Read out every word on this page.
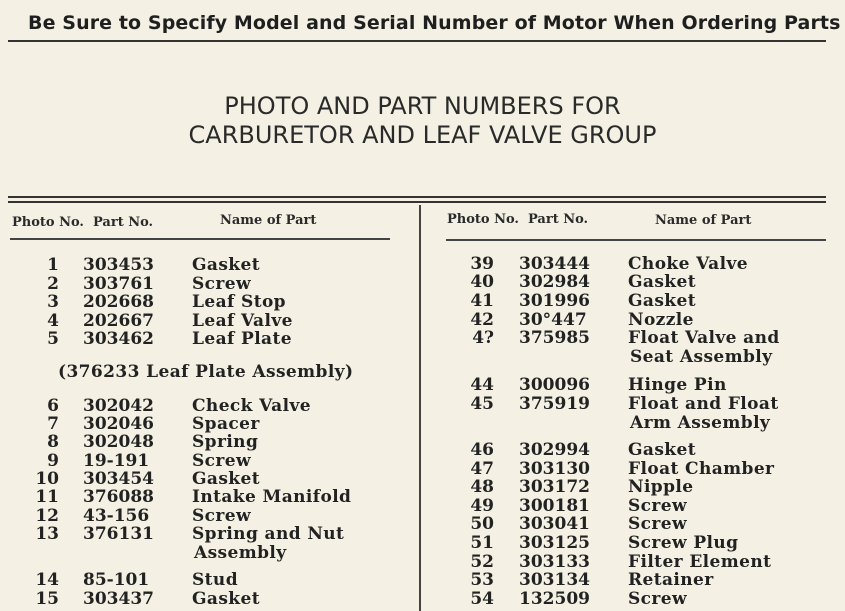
Be Sure to Specify Model and Serial Number of Motor When Ordering Parts
PHOTO AND PART NUMBERS FOR
CARBURETOR AND LEAF VALVE GROUP
Photo No. Part No.	Name of Part	Photo No. Part No.	Name of Part
(376233 Leaf Plate Assembly)
1 303453 Gasket
2 303761 Screw
3 202668 Leaf Stop
4 202667 Leaf Valve
5 303462 Leaf Plate
6 302042 Check Valve
7 302046 Spacer
8 302048 Spring
9 19-191	Screw
10 303454 Gasket
11 376088 Intake Manifold
12 43-156	Screw
13 376131 Spring and Nut
Assembly
14 85-101	Stud
15 303437 Gasket
39 303444 Choke Valve
40 302984 Gasket
41 301996 Gasket
42 30°447 Nozzle
4? 375985 Float Valve and
Seat Assembly
44 300096 Hinge Pin
45 375919 Float and Float
Arm Assembly
46 302994 Gasket
47 303130 Float Chamber
48 303172 Nipple
49 300181 Screw
50 303041 Screw
51 303125 Screw Plug
52 303133 Filter Element
53 303134 Retainer
54 132509 Screw
